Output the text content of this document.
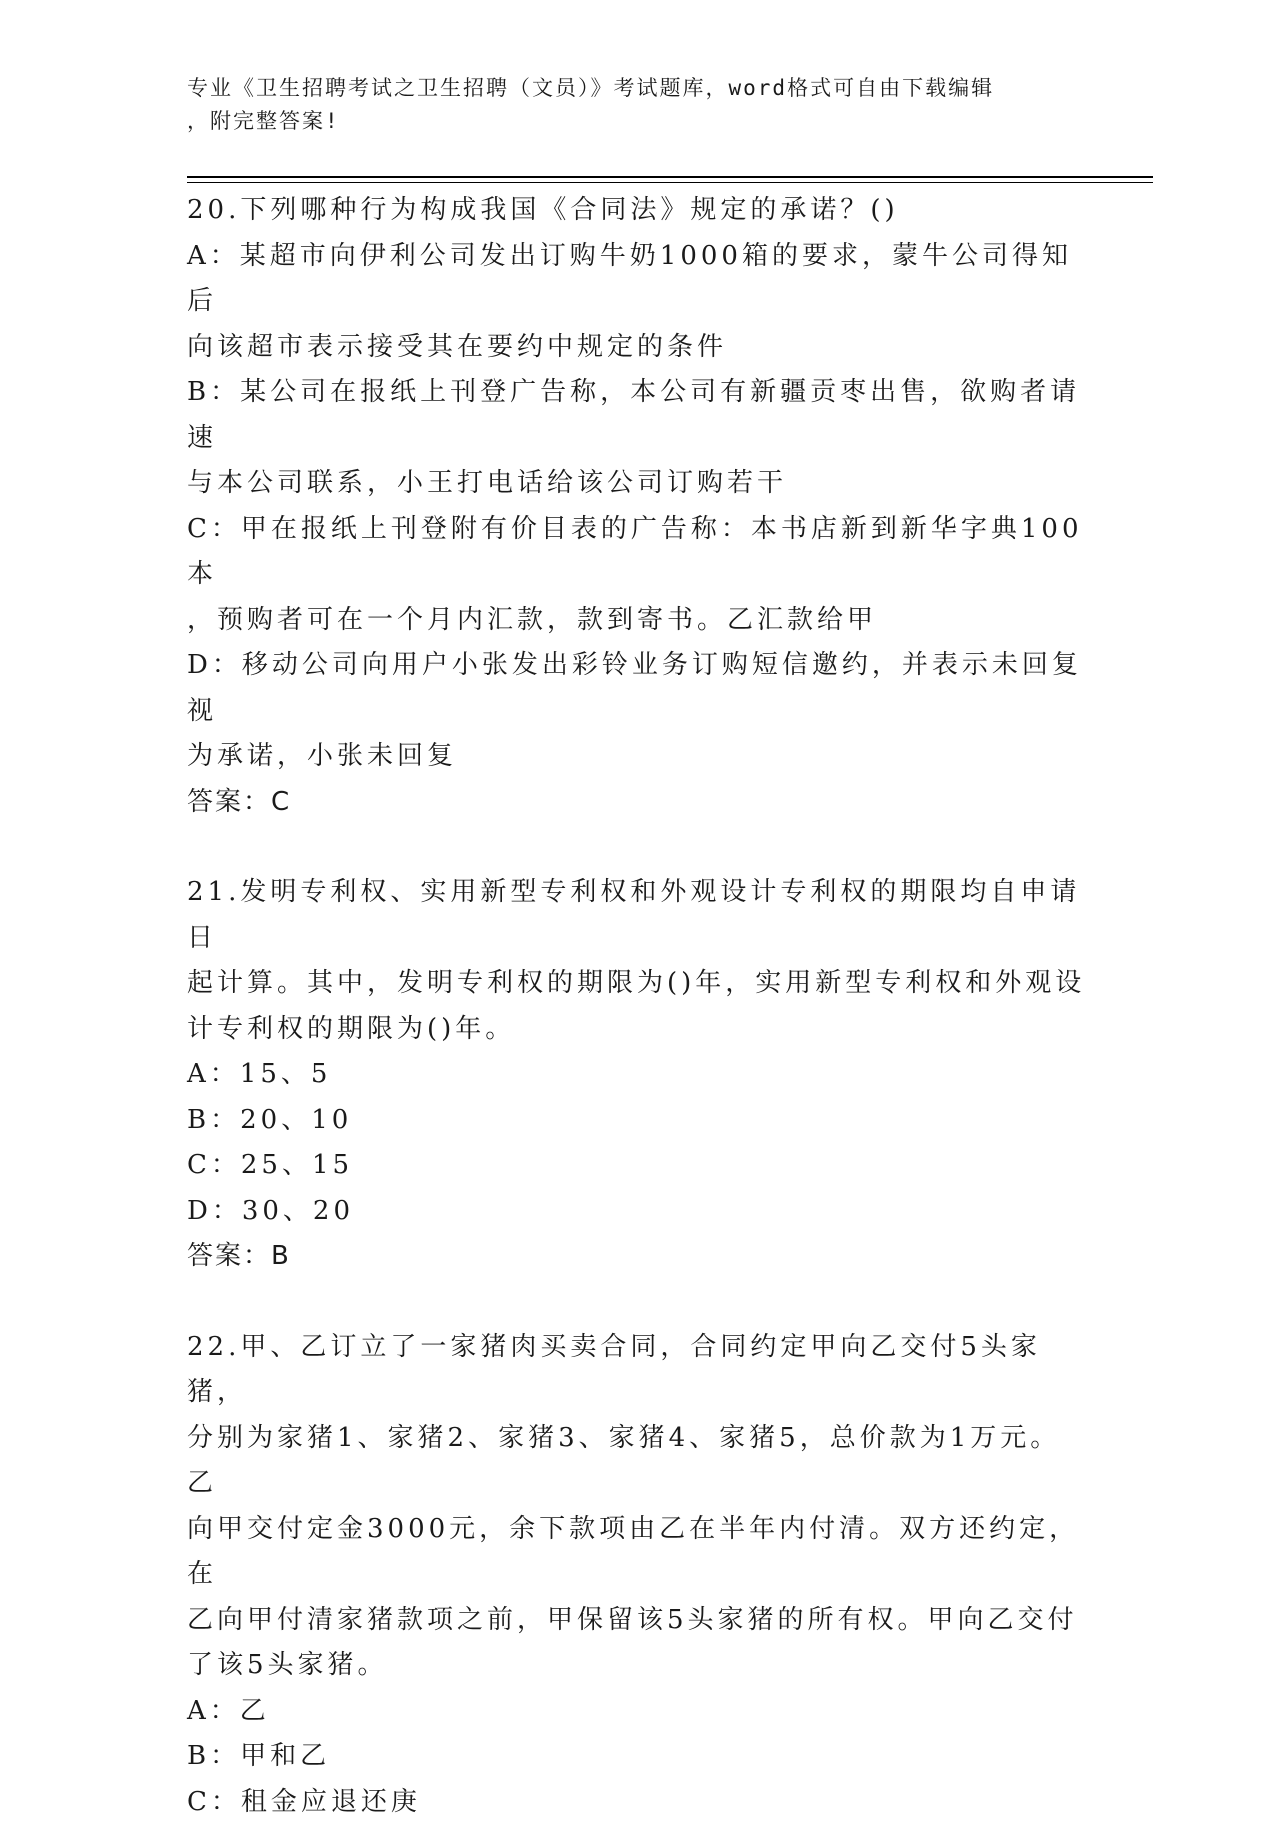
专业《卫生招聘考试之卫生招聘（文员）》考试题库，word格式可自由下载编辑
，附完整答案!

20.下列哪种行为构成我国《合同法》规定的承诺？()

A：某超市向伊利公司发出订购牛奶1000箱的要求，蒙牛公司得知后

向该超市表示接受其在要约中规定的条件

B：某公司在报纸上刊登广告称，本公司有新疆贡枣出售，欲购者请速

与本公司联系，小王打电话给该公司订购若干

C：甲在报纸上刊登附有价目表的广告称：本书店新到新华字典100本

，预购者可在一个月内汇款，款到寄书。乙汇款给甲

D：移动公司向用户小张发出彩铃业务订购短信邀约，并表示未回复视

为承诺，小张未回复

答案：C

21.发明专利权、实用新型专利权和外观设计专利权的期限均自申请日

起计算。其中，发明专利权的期限为()年，实用新型专利权和外观设

计专利权的期限为()年。

A：15、5

B：20、10

C：25、15

D：30、20

答案：B

22.甲、乙订立了一家猪肉买卖合同，合同约定甲向乙交付5头家猪，

分别为家猪1、家猪2、家猪3、家猪4、家猪5，总价款为1万元。乙

向甲交付定金3000元，余下款项由乙在半年内付清。双方还约定，在

乙向甲付清家猪款项之前，甲保留该5头家猪的所有权。甲向乙交付

了该5头家猪。

A：乙

B：甲和乙

C：租金应退还庚
